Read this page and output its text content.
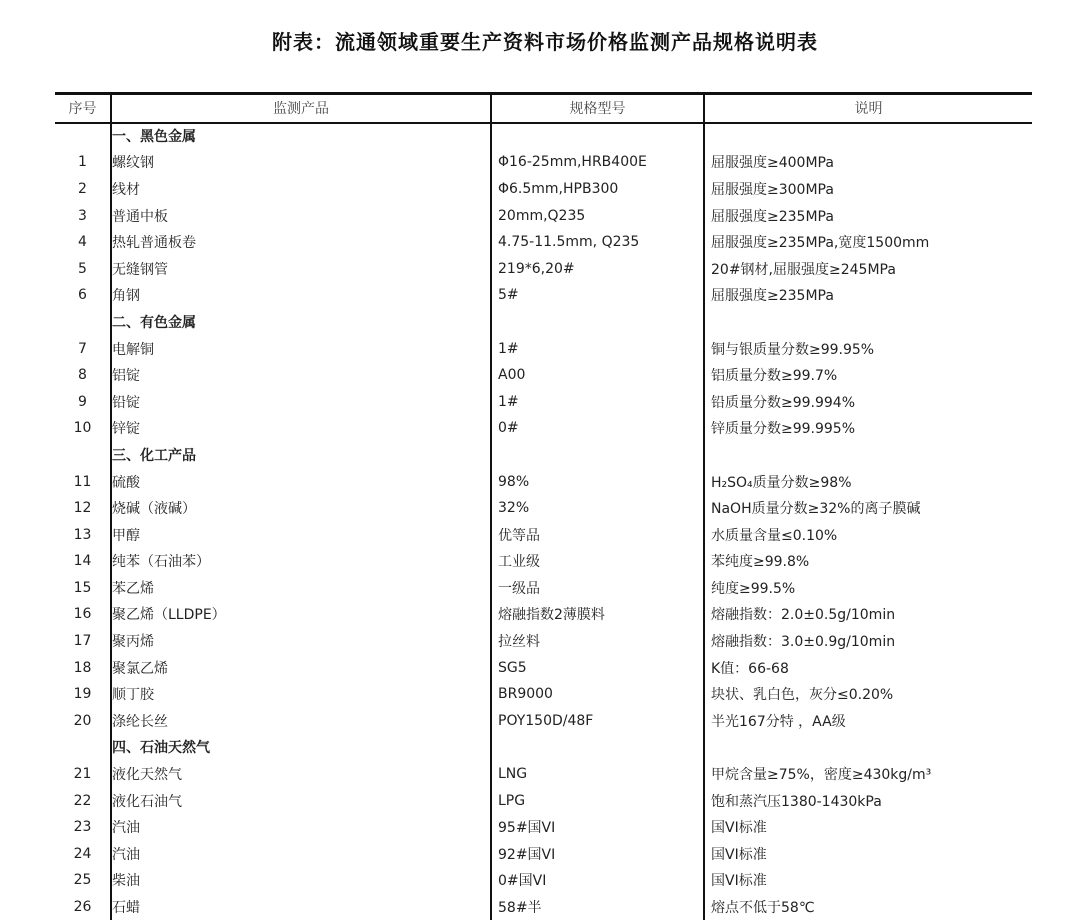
附表：流通领域重要生产资料市场价格监测产品规格说明表
序号	监测产品	规格型号	说明
	一、黑色金属		
1	螺纹钢	Φ16-25mm,HRB400E	屈服强度≥400MPa
2	线材	Φ6.5mm,HPB300	屈服强度≥300MPa
3	普通中板	20mm,Q235	屈服强度≥235MPa
4	热轧普通板卷	4.75-11.5mm, Q235	屈服强度≥235MPa,宽度1500mm
5	无缝钢管	219*6,20#	20#钢材,屈服强度≥245MPa
6	角钢	5#	屈服强度≥235MPa
	二、有色金属		
7	电解铜	1#	铜与银质量分数≥99.95%
8	铝锭	A00	铝质量分数≥99.7%
9	铅锭	1#	铅质量分数≥99.994%
10	锌锭	0#	锌质量分数≥99.995%
	三、化工产品		
11	硫酸	98%	H₂SO₄质量分数≥98%
12	烧碱（液碱）	32%	NaOH质量分数≥32%的离子膜碱
13	甲醇	优等品	水质量含量≤0.10%
14	纯苯（石油苯）	工业级	苯纯度≥99.8%
15	苯乙烯	一级品	纯度≥99.5%
16	聚乙烯（LLDPE）	熔融指数2薄膜料	熔融指数：2.0±0.5g/10min
17	聚丙烯	拉丝料	熔融指数：3.0±0.9g/10min
18	聚氯乙烯	SG5	K值：66-68
19	顺丁胶	BR9000	块状、乳白色，灰分≤0.20%
20	涤纶长丝	POY150D/48F	半光167分特 ，AA级
	四、石油天然气		
21	液化天然气	LNG	甲烷含量≥75%，密度≥430kg/m³
22	液化石油气	LPG	饱和蒸汽压1380-1430kPa
23	汽油	95#国VI	国VI标准
24	汽油	92#国VI	国VI标准
25	柴油	0#国VI	国VI标准
26	石蜡	58#半	熔点不低于58℃
